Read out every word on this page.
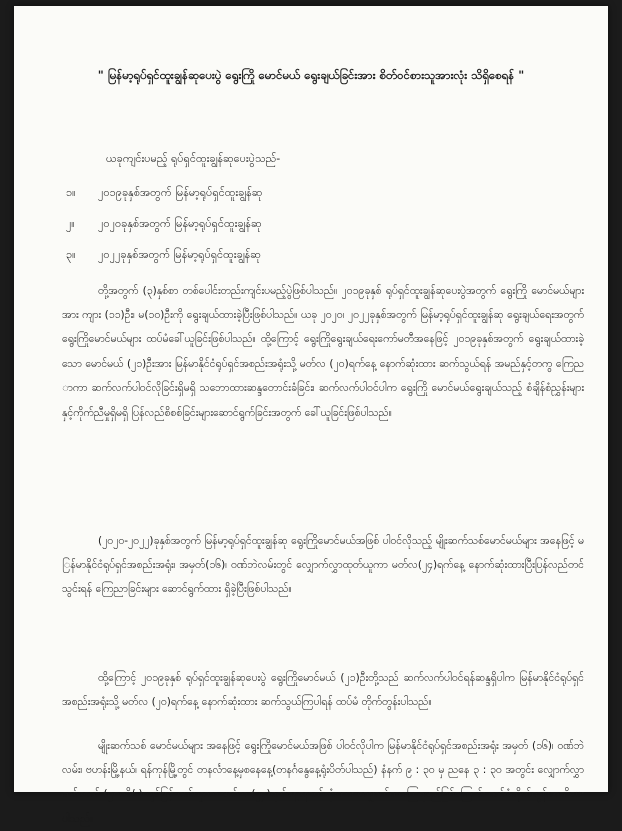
" မြန်မာ့ရုပ်ရှင်ထူးချွန်ဆုပေးပွဲ ရွေးကြို မောင်မယ် ရွေးချယ်ခြင်းအား စိတ်ဝင်စားသူအားလုံး သိရှိစေရန် "
ယခုကျင်းပမည့် ရုပ်ရှင်ထူးချွန်ဆုပေးပွဲသည်-
၁။	၂၀၁၉ခုနှစ်အတွက် မြန်မာ့ရုပ်ရှင်ထူးချွန်ဆု
၂။	၂၀၂၀ခုနှစ်အတွက် မြန်မာ့ရုပ်ရှင်ထူးချွန်ဆု
၃။	၂၀၂၂ခုနှစ်အတွက် မြန်မာ့ရုပ်ရှင်ထူးချွန်ဆု

တို့အတွက် (၃)နှစ်စာ တစ်ပေါင်းတည်းကျင်းပမည့်ပွဲဖြစ်ပါသည်။ ၂၀၁၉ခုနှစ် ရုပ်ရှင်ထူးချွန်ဆုပေးပွဲအတွက် ရွေးကြို မောင်မယ်များအား ကျား (၁၁)ဦး၊ မ(၁၀)ဦးကို ရွေးချယ်ထားခဲ့ပြီးဖြစ်ပါသည်။ ယခု ၂၀၂၀၊ ၂၀၂၂ခုနှစ်အတွက် မြန်မာ့ရုပ်ရှင်ထူးချွန်ဆု ရွေးချယ်ရေးအတွက် ရွေးကြိုမောင်မယ်များ ထပ်မံခေါ်ယူခြင်းဖြစ်ပါသည်။ ထို့ကြောင့် ရွေးကြိုရွေးချယ်ရေးကော်မတီအနေဖြင့် ၂၀၁၉ခုနှစ်အတွက် ရွေးချယ်ထားခဲ့သော မောင်မယ် (၂၁)ဦးအား မြန်မာနိုင်ငံရုပ်ရှင်အစည်းအရုံးသို့ မတ်လ (၂၀)ရက်နေ့ နောက်ဆုံးထား ဆက်သွယ်ရန် အမည်နှင့်တကွ ကြေညာကာ ဆက်လက်ပါဝင်လိုခြင်းရှိမရှိ သဘောထားဆန္ဒတောင်းခံခြင်း၊ ဆက်လက်ပါဝင်ပါက ရွေးကြို မောင်မယ်ရွေးချယ်သည့် စံချိန်စံညွှန်းများနှင့်ကိုက်ညီမှုရှိမရှိ ပြန်လည်စိစစ်ခြင်းများဆောင်ရွက်ခြင်းအတွက် ခေါ်ယူခြင်းဖြစ်ပါသည်။

(၂၀၂၀-၂၀၂၂)ခုနှစ်အတွက် မြန်မာ့ရုပ်ရှင်ထူးချွန်ဆု ရွေးကြိုမောင်မယ်အဖြစ် ပါဝင်လိုသည့် မျိုးဆက်သစ်မောင်မယ်များ အနေဖြင့် မြန်မာနိုင်ငံရုပ်ရှင်အစည်းအရုံး၊ အမှတ်(၁၆)၊ ဝဏ်ဘဲလမ်းတွင် လျှောက်လွှာထုတ်ယူကာ မတ်လ(၂၄)ရက်နေ့ နောက်ဆုံးထားပြီးပြန်လည်တင်သွင်းရန် ကြေညာခြင်းများ ဆောင်ရွက်ထား ရှိခဲ့ပြီးဖြစ်ပါသည်။

ထို့ကြောင့် ၂၀၁၉ခုနှစ် ရုပ်ရှင်ထူးချွန်ဆုပေးပွဲ ရွေးကြိုမောင်မယ် (၂၁)ဦးတို့သည် ဆက်လက်ပါဝင်ရန်ဆန္ဒရှိပါက မြန်မာနိုင်ငံရုပ်ရှင်အစည်းအရုံးသို့ မတ်လ (၂၀)ရက်နေ့ နောက်ဆုံးထား ဆက်သွယ်ကြပါရန် ထပ်မံ တိုက်တွန်းပါသည်။

မျိုးဆက်သစ် မောင်မယ်များ အနေဖြင့် ရွေးကြိုမောင်မယ်အဖြစ် ပါဝင်လိုပါက မြန်မာနိုင်ငံရုပ်ရှင်အစည်းအရုံး အမှတ် (၁၆)၊ ဝဏ်ဘဲလမ်း၊ ဗဟန်းမြို့နယ်၊ ရန်ကုန်မြို့တွင် တနင်္လာနေ့မှစနေနေ့(တနင်္ဂနွေနေ့ရုံးပိတ်ပါသည်) နံနက် ၉ : ၃၀ မှ ညနေ ၃ : ၃၀ အတွင်း လျှောက်လွှာတစ်စောင် (၅၀၀၀ိ/-)ကျပ်ဖြင့် ဝယ်ယူကာ မတ်လ (၂၄)ရက်နေ့နောက်ဆုံးထား လျှောက်ထားကြရမည်ဖြစ်ကြောင်း ထပ်မံတိုက်တွန်းအသိပေးပါသည်။
